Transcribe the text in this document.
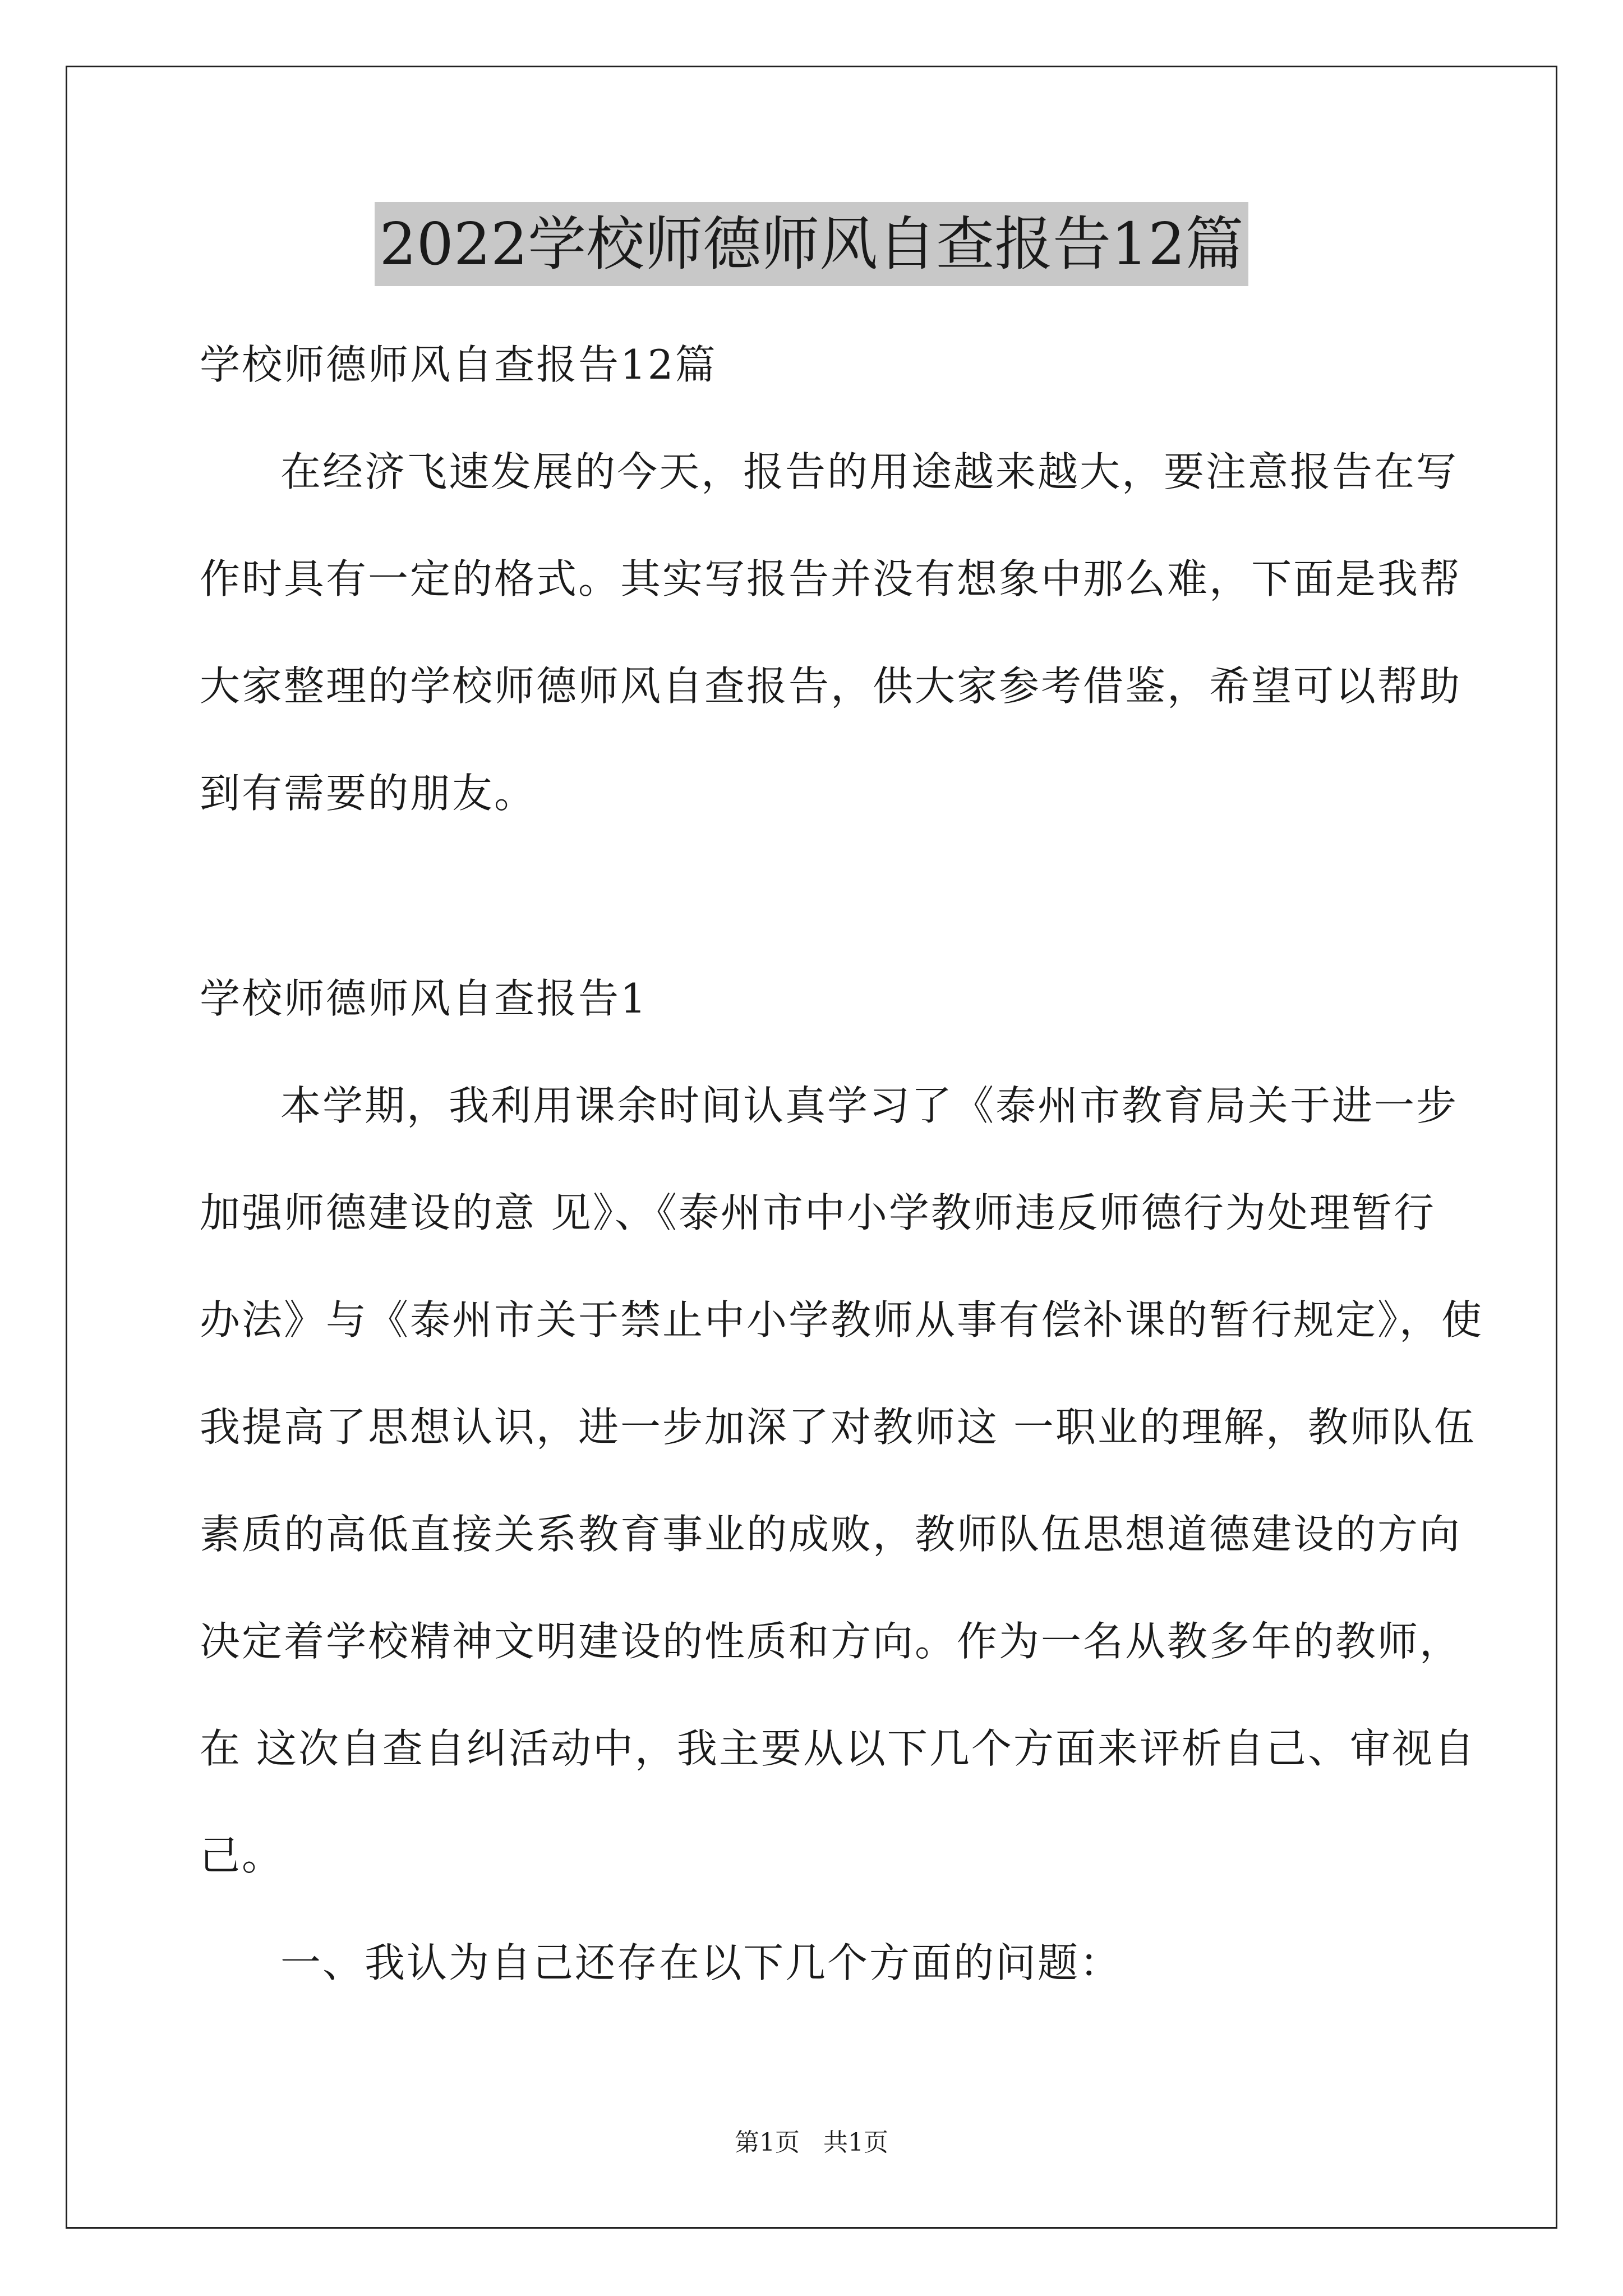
2022学校师德师风自查报告12篇

学校师德师风自查报告12篇

在经济飞速发展的今天，报告的用途越来越大，要注意报告在写

作时具有一定的格式。其实写报告并没有想象中那么难，下面是我帮

大家整理的学校师德师风自查报告，供大家参考借鉴，希望可以帮助

到有需要的朋友。

学校师德师风自查报告1

本学期，我利用课余时间认真学习了《泰州市教育局关于进一步

加强师德建设的意 见》、《泰州市中小学教师违反师德行为处理暂行

办法》与《泰州市关于禁止中小学教师从事有偿补课的暂行规定》，使

我提高了思想认识，进一步加深了对教师这 一职业的理解，教师队伍

素质的高低直接关系教育事业的成败，教师队伍思想道德建设的方向

决定着学校精神文明建设的性质和方向。作为一名从教多年的教师，

在 这次自查自纠活动中，我主要从以下几个方面来评析自己、审视自

己。

一、我认为自己还存在以下几个方面的问题：

第1页 共1页
